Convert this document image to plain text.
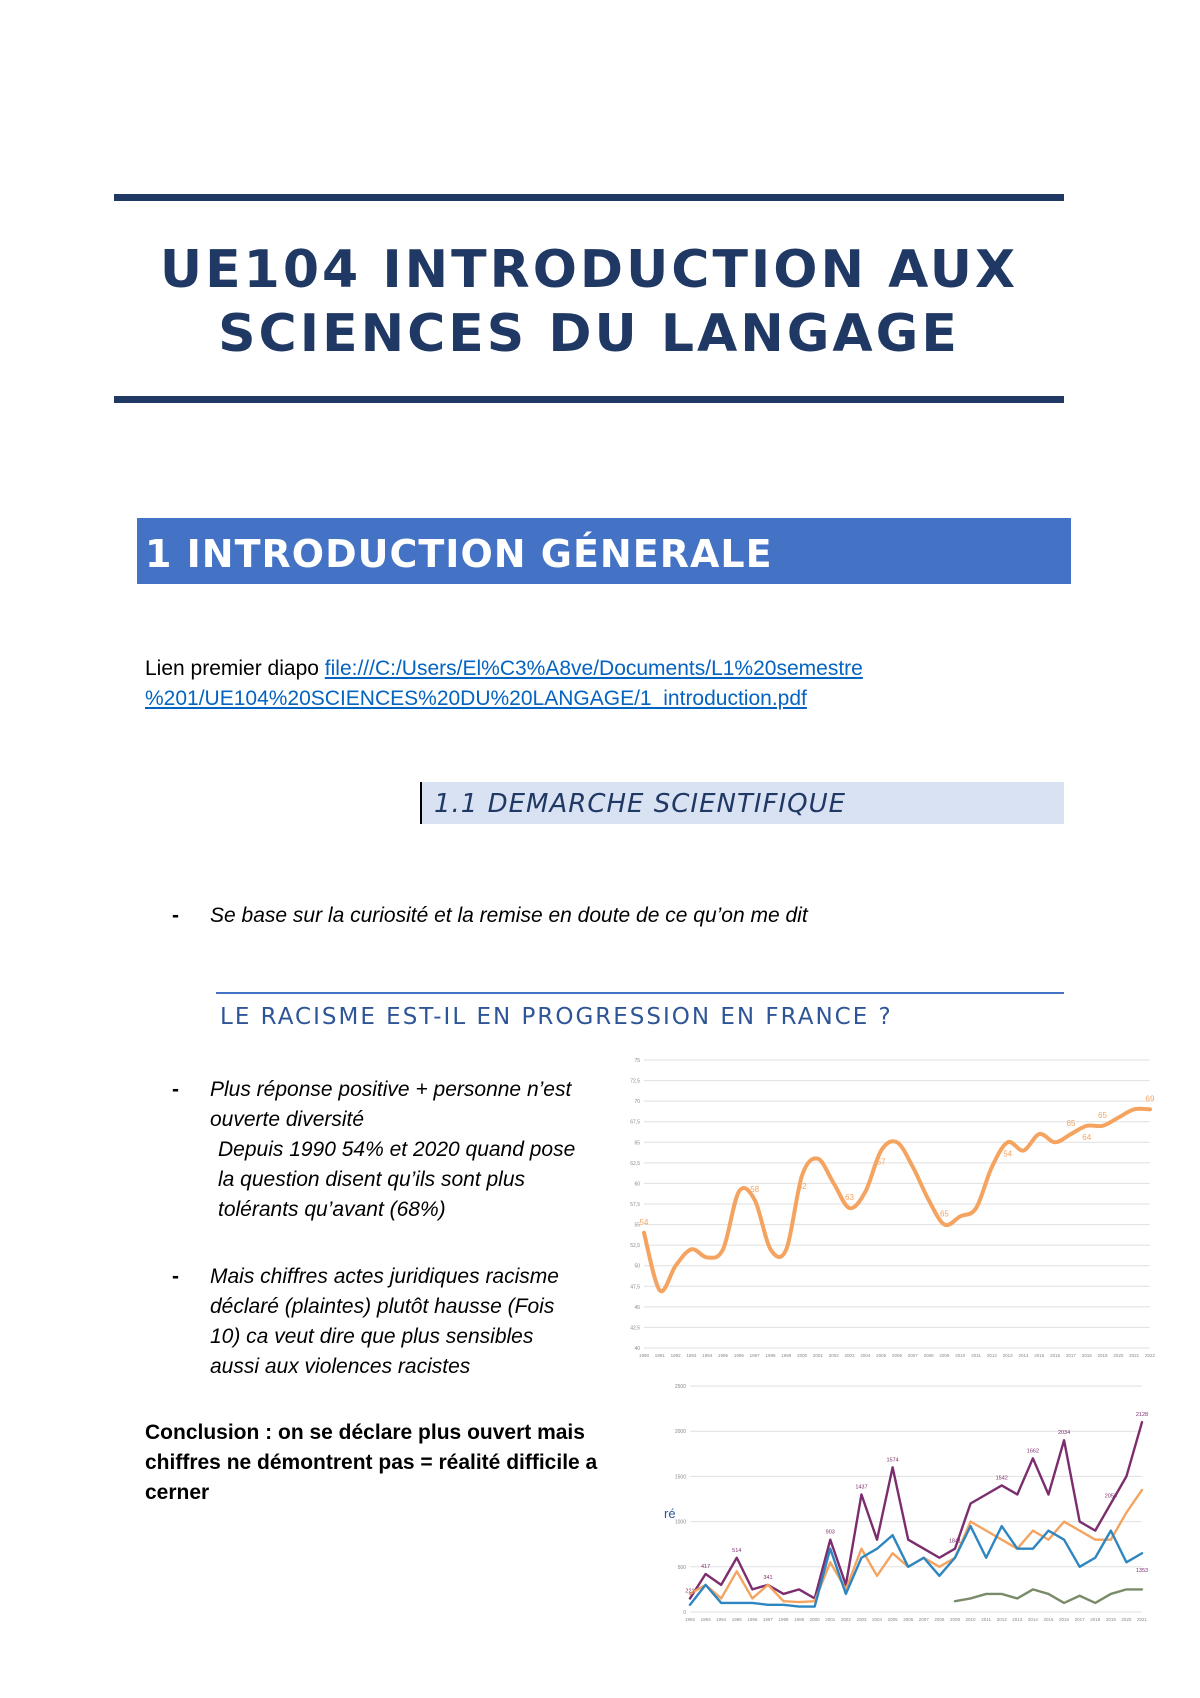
UE104 INTRODUCTION AUX
SCIENCES DU LANGAGE
1 INTRODUCTION GÉNERALE
Lien premier diapo file:///C:/Users/El%C3%A8ve/Documents/L1%20semestre
%201/UE104%20SCIENCES%20DU%20LANGAGE/1_introduction.pdf
1.1 DEMARCHE SCIENTIFIQUE
- Se base sur la curiosité et la remise en doute de ce qu’on me dit
LE RACISME EST-IL EN PROGRESSION EN FRANCE ?
- Plus réponse positive + personne n’est
ouverte diversité
Depuis 1990 54% et 2020 quand pose
la question disent qu’ils sont plus
tolérants qu’avant (68%)
- Mais chiffres actes juridiques racisme
déclaré (plaintes) plutôt hausse (Fois
10) ca veut dire que plus sensibles
aussi aux violences racistes
Conclusion : on se déclare plus ouvert mais
chiffres ne démontrent pas = réalité difficile a
cerner
40
42,5
45
47,5
50
52,5
55
57,5
60
62,5
65
67,5
70
72,5
75
1990 1991 1992 1993 1994 1995 1996 1997 1998 1999 2000 2001 2002 2003 2004 2005 2006 2007 2008 2009 2010 2011 2012 2013 2014 2015 2016 2017 2018 2019 2020 2021 2022
54
58	52
63
57
65
54
65
64
65
69
0
500
1000
1500
2000
2500
1992 1993 1994 1995 1996 1997 1998 1999 2000 2001 2002 2003 2004 2005 2006 2007 2008 2009 2010 2011 2012 2013 2014 2015 2016 2017 2018 2019 2020 2021
221
417
514
341
903
1437
1574
1841
1542
1662
2034
2053
2128
1353
ré
